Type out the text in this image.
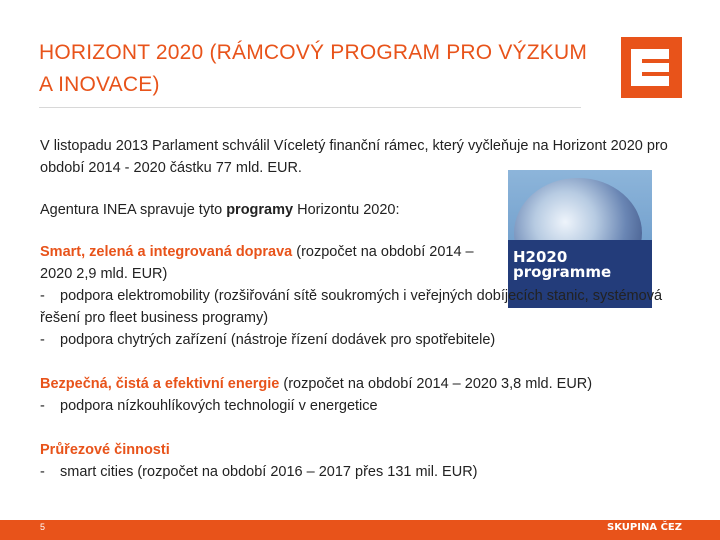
HORIZONT 2020 (RÁMCOVÝ PROGRAM PRO VÝZKUM A INOVACE)
H2020
programme

V listopadu 2013 Parlament schválil Víceletý finanční rámec, který vyčleňuje na Horizont 2020 pro období 2014 - 2020 částku 77 mld. EUR.

Agentura INEA spravuje tyto programy Horizontu 2020:

Smart, zelená a integrovaná doprava (rozpočet na období 2014 – 2020 2,9 mld. EUR)
- podpora elektromobility (rozšiřování sítě soukromých i veřejných dobíjecích stanic, systémová řešení pro fleet business programy)
- podpora chytrých zařízení (nástroje řízení dodávek pro spotřebitele)
Bezpečná, čistá a efektivní energie (rozpočet na období 2014 – 2020 3,8 mld. EUR)
- podpora nízkouhlíkových technologií v energetice
Průřezové činnosti
- smart cities (rozpočet na období 2016 – 2017 přes 131 mil. EUR)
5	SKUPINA ČEZ
